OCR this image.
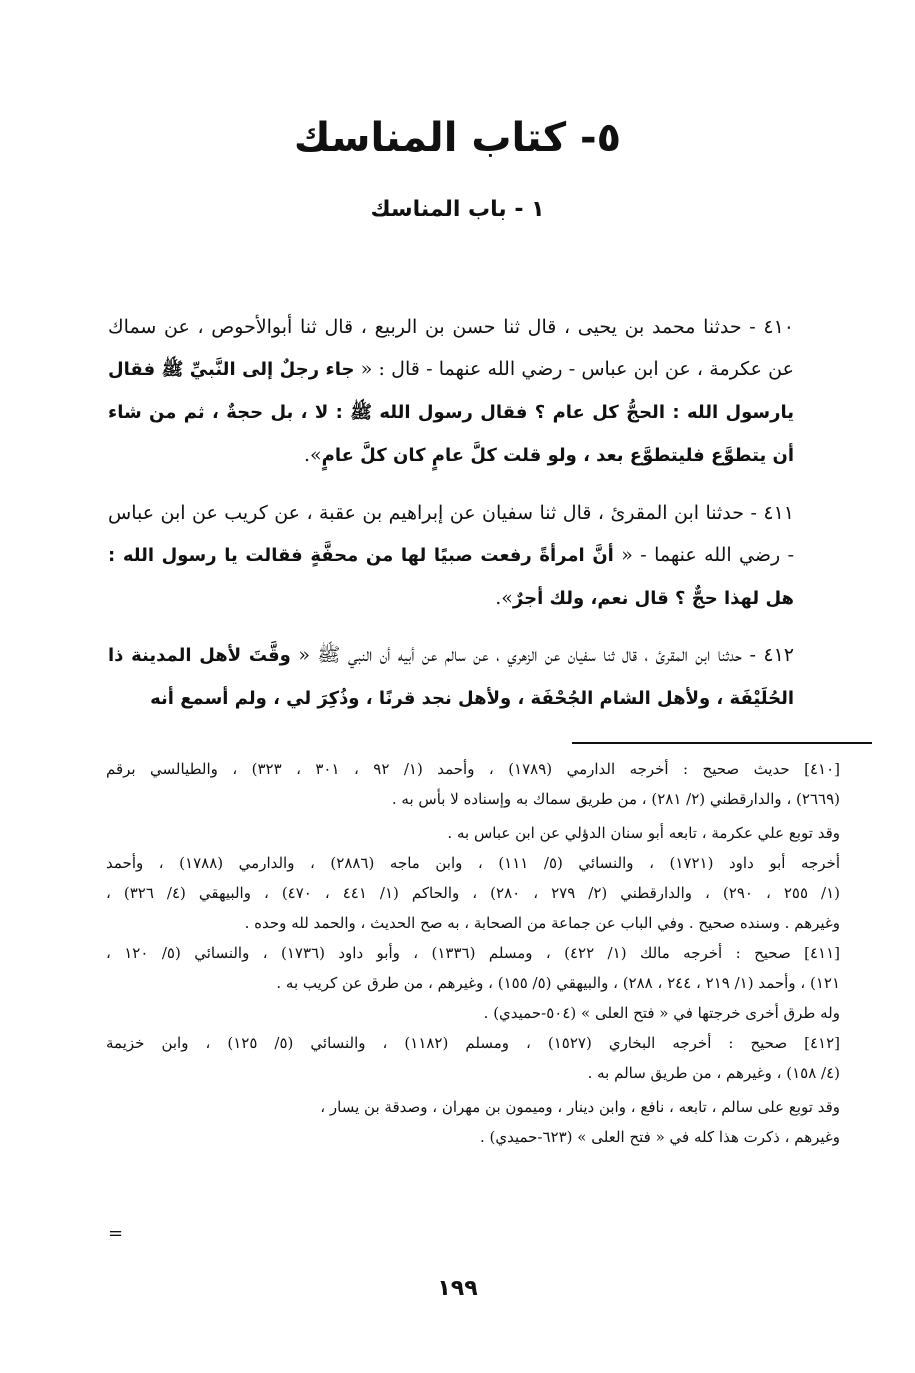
٥- كتاب المناسك
١ - باب المناسك
٤١٠ - حدثنا محمد بن يحيى ، قال ثنا حسن بن الربيع ، قال ثنا أبوالأحوص ، عن سماك عن عكرمة ، عن ابن عباس - رضي الله عنهما - قال : « جاء رجلٌ إلى النَّبيِّ ﷺ فقال يارسول الله : الحجُّ كل عام ؟ فقال رسول الله ﷺ : لا ، بل حجةٌ ، ثم من شاء أن يتطوَّع فليتطوَّع بعد ، ولو قلت كلَّ عامٍ كان كلَّ عامٍ».
٤١١ - حدثنا ابن المقرئ ، قال ثنا سفيان عن إبراهيم بن عقبة ، عن كريب عن ابن عباس - رضي الله عنهما - « أنَّ امرأةً رفعت صبيًا لها من محفَّةٍ فقالت يا رسول الله : هل لهذا حجٌّ ؟ قال نعم، ولك أجرٌ».
٤١٢ - حدثنا ابن المقرئ ، قال ثنا سفيان عن الزهري ، عن سالم عن أبيه أن النبي ﷺ « وقَّتَ لأهل المدينة ذا الحُلَيْفَة ، ولأهل الشام الجُحْفَة ، ولأهل نجد قرنًا ، وذُكِرَ لي ، ولم أسمع أنه
[٤١٠] حديث صحيح : أخرجه الدارمي (١٧٨٩) ، وأحمد (١/ ٩٢ ، ٣٠١ ، ٣٢٣) ، والطيالسي برقم
(٢٦٦٩) ، والدارقطني (٢/ ٢٨١) ، من طريق سماك به وإسناده لا بأس به .
وقد توبع علي عكرمة ، تابعه أبو سنان الدؤلي عن ابن عباس به .
أخرجه أبو داود (١٧٢١) ، والنسائي (٥/ ١١١) ، وابن ماجه (٢٨٨٦) ، والدارمي (١٧٨٨) ، وأحمد
(١/ ٢٥٥ ، ٢٩٠) ، والدارقطني (٢/ ٢٧٩ ، ٢٨٠) ، والحاكم (١/ ٤٤١ ، ٤٧٠) ، والبيهقي (٤/ ٣٢٦) ،
وغيرهم . وسنده صحيح . وفي الباب عن جماعة من الصحابة ، به صح الحديث ، والحمد لله وحده .
[٤١١] صحيح : أخرجه مالك (١/ ٤٢٢) ، ومسلم (١٣٣٦) ، وأبو داود (١٧٣٦) ، والنسائي (٥/ ١٢٠ ،
١٢١) ، وأحمد (١/ ٢١٩ ، ٢٤٤ ، ٢٨٨) ، والبيهقي (٥/ ١٥٥) ، وغيرهم ، من طرق عن كريب به .
وله طرق أخرى خرجتها في « فتح العلى » (٥٠٤-حميدي) .
[٤١٢] صحيح : أخرجه البخاري (١٥٢٧) ، ومسلم (١١٨٢) ، والنسائي (٥/ ١٢٥) ، وابن خزيمة
(٤/ ١٥٨) ، وغيرهم ، من طريق سالم به .
وقد توبع على سالم ، تابعه ، نافع ، وابن دينار ، وميمون بن مهران ، وصدقة بن يسار ،
وغيرهم ، ذكرت هذا كله في « فتح العلى » (٦٢٣-حميدي) .
=
١٩٩
